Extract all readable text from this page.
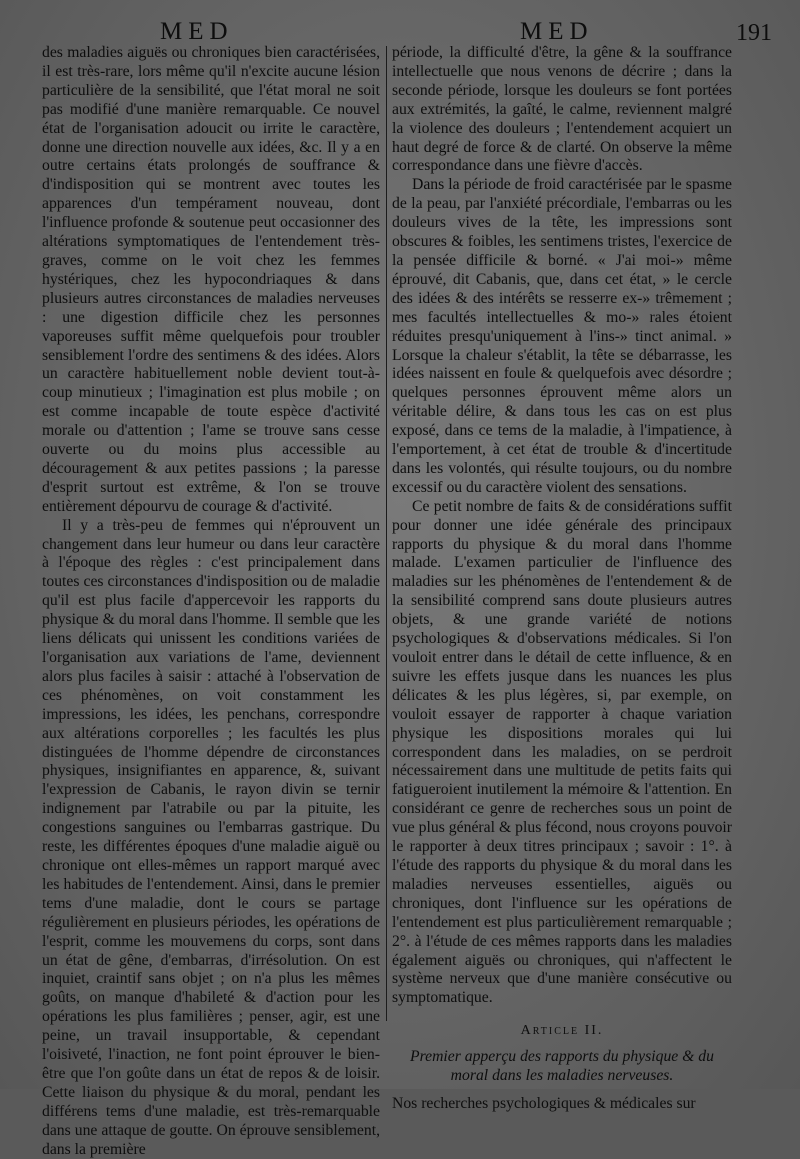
MED	MED	191

des maladies aiguës ou chroniques bien caractérisées, il est très-rare, lors même qu'il n'excite aucune lésion particulière de la sensibilité, que l'état moral ne soit pas modifié d'une manière remarquable. Ce nouvel état de l'organisation adoucit ou irrite le caractère, donne une direction nouvelle aux idées, &c. Il y a en outre certains états prolongés de souffrance & d'indisposition qui se montrent avec toutes les apparences d'un tempérament nouveau, dont l'influence profonde & soutenue peut occasionner des altérations symptomatiques de l'entendement très-graves, comme on le voit chez les femmes hystériques, chez les hypocondriaques & dans plusieurs autres circonstances de maladies nerveuses : une digestion difficile chez les personnes vaporeuses suffit même quelquefois pour troubler sensiblement l'ordre des sentimens & des idées. Alors un caractère habituellement noble devient tout-à-coup minutieux ; l'imagination est plus mobile ; on est comme incapable de toute espèce d'activité morale ou d'attention ; l'ame se trouve sans cesse ouverte ou du moins plus accessible au découragement & aux petites passions ; la paresse d'esprit surtout est extrême, & l'on se trouve entièrement dépourvu de courage & d'activité.

Il y a très-peu de femmes qui n'éprouvent un changement dans leur humeur ou dans leur caractère à l'époque des règles : c'est principalement dans toutes ces circonstances d'indisposition ou de maladie qu'il est plus facile d'appercevoir les rapports du physique & du moral dans l'homme. Il semble que les liens délicats qui unissent les conditions variées de l'organisation aux variations de l'ame, deviennent alors plus faciles à saisir : attaché à l'observation de ces phénomènes, on voit constamment les impressions, les idées, les penchans, correspondre aux altérations corporelles ; les facultés les plus distinguées de l'homme dépendre de circonstances physiques, insignifiantes en apparence, &, suivant l'expression de Cabanis, le rayon divin se ternir indignement par l'atrabile ou par la pituite, les congestions sanguines ou l'embarras gastrique. Du reste, les différentes époques d'une maladie aiguë ou chronique ont elles-mêmes un rapport marqué avec les habitudes de l'entendement. Ainsi, dans le premier tems d'une maladie, dont le cours se partage régulièrement en plusieurs périodes, les opérations de l'esprit, comme les mouvemens du corps, sont dans un état de gêne, d'embarras, d'irrésolution. On est inquiet, craintif sans objet ; on n'a plus les mêmes goûts, on manque d'habileté & d'action pour les opérations les plus familières ; penser, agir, est une peine, un travail insupportable, & cependant l'oisiveté, l'inaction, ne font point éprouver le bien-être que l'on goûte dans un état de repos & de loisir. Cette liaison du physique & du moral, pendant les différens tems d'une maladie, est très-remarquable dans une attaque de goutte. On éprouve sensiblement, dans la première

période, la difficulté d'être, la gêne & la souffrance intellectuelle que nous venons de décrire ; dans la seconde période, lorsque les douleurs se font portées aux extrémités, la gaîté, le calme, reviennent malgré la violence des douleurs ; l'entendement acquiert un haut degré de force & de clarté. On observe la même correspondance dans une fièvre d'accès.

Dans la période de froid caractérisée par le spasme de la peau, par l'anxiété précordiale, l'embarras ou les douleurs vives de la tête, les impressions sont obscures & foibles, les sentimens tristes, l'exercice de la pensée difficile & borné. « J'ai moi-» même éprouvé, dit Cabanis, que, dans cet état, » le cercle des idées & des intérêts se resserre ex-» trêmement ; mes facultés intellectuelles & mo-» rales étoient réduites presqu'uniquement à l'ins-» tinct animal. » Lorsque la chaleur s'établit, la tête se débarrasse, les idées naissent en foule & quelquefois avec désordre ; quelques personnes éprouvent même alors un véritable délire, & dans tous les cas on est plus exposé, dans ce tems de la maladie, à l'impatience, à l'emportement, à cet état de trouble & d'incertitude dans les volontés, qui résulte toujours, ou du nombre excessif ou du caractère violent des sensations.

Ce petit nombre de faits & de considérations suffit pour donner une idée générale des principaux rapports du physique & du moral dans l'homme malade. L'examen particulier de l'influence des maladies sur les phénomènes de l'entendement & de la sensibilité comprend sans doute plusieurs autres objets, & une grande variété de notions psychologiques & d'observations médicales. Si l'on vouloit entrer dans le détail de cette influence, & en suivre les effets jusque dans les nuances les plus délicates & les plus légères, si, par exemple, on vouloit essayer de rapporter à chaque variation physique les dispositions morales qui lui correspondent dans les maladies, on se perdroit nécessairement dans une multitude de petits faits qui fatigueroient inutilement la mémoire & l'attention. En considérant ce genre de recherches sous un point de vue plus général & plus fécond, nous croyons pouvoir le rapporter à deux titres principaux ; savoir : 1°. à l'étude des rapports du physique & du moral dans les maladies nerveuses essentielles, aiguës ou chroniques, dont l'influence sur les opérations de l'entendement est plus particulièrement remarquable ; 2°. à l'étude de ces mêmes rapports dans les maladies également aiguës ou chroniques, qui n'affectent le système nerveux que d'une manière consécutive ou symptomatique.

Article II.
Premier apperçu des rapports du physique & du moral dans les maladies nerveuses.

Nos recherches psychologiques & médicales sur
